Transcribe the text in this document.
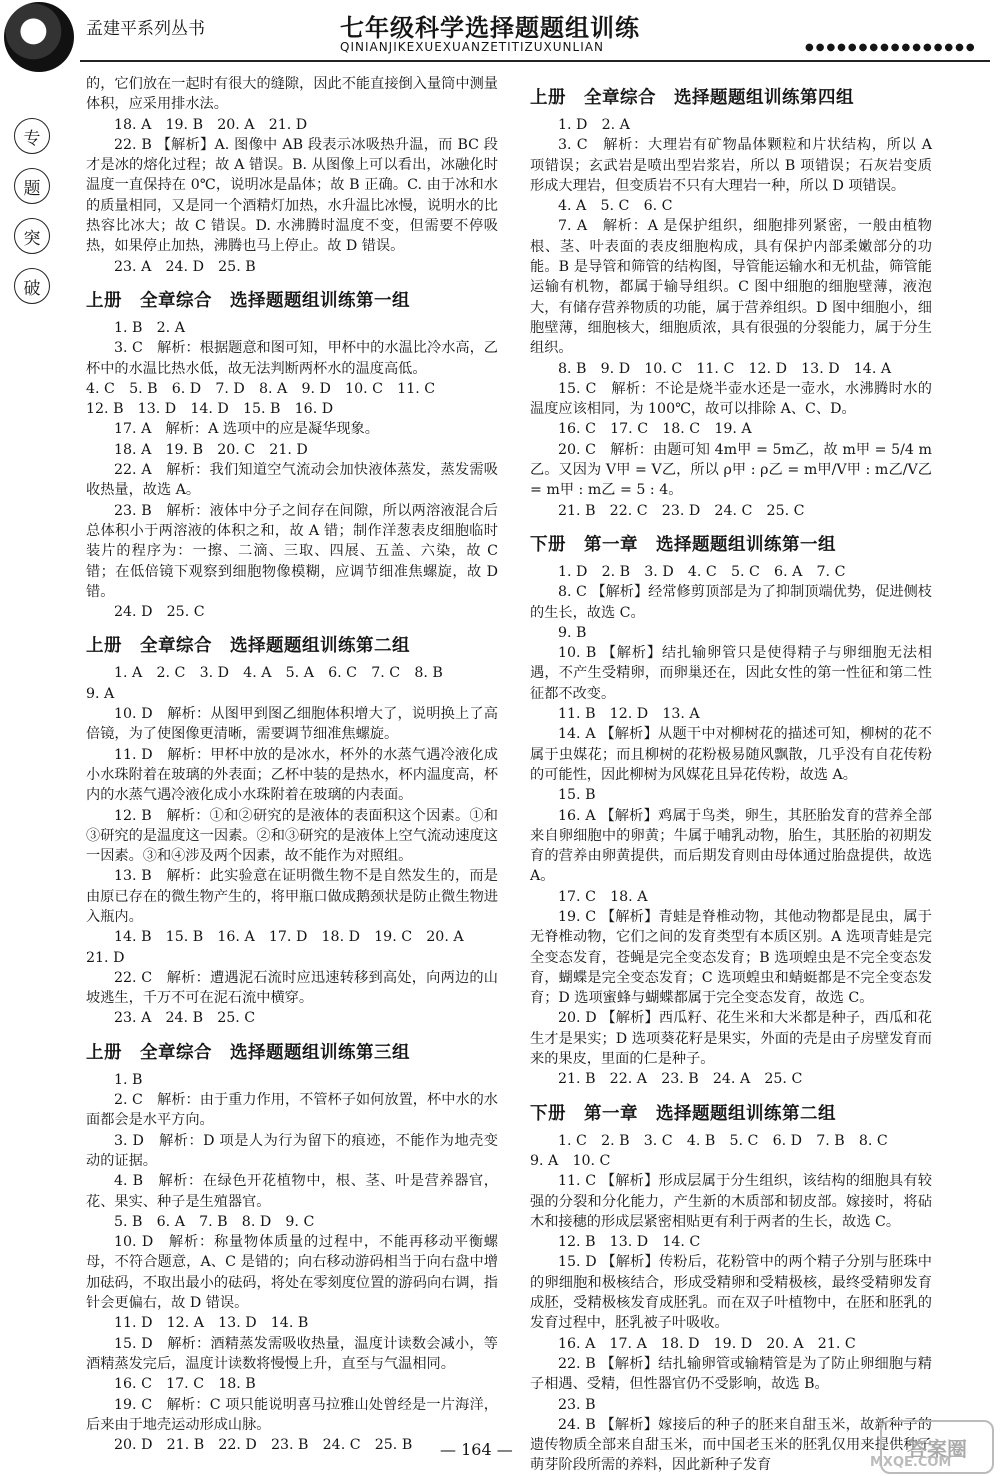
孟建平系列丛书	七年级科学选择题题组训练
QINIANJIKEXUEXUANZETITIZUXUNLIAN	●●●●●●●●●●●●●●●●
专
题
突
破

的，它们放在一起时有很大的缝隙，因此不能直接倒入量筒中测量体积，应采用排水法。

18. A　19. B　20. A　21. D

22. B 【解析】A. 图像中 AB 段表示冰吸热升温，而 BC 段才是冰的熔化过程；故 A 错误。B. 从图像上可以看出，冰融化时温度一直保持在 0℃，说明冰是晶体；故 B 正确。C. 由于冰和水的质量相同，又是同一个酒精灯加热，水升温比冰慢，说明水的比热容比冰大；故 C 错误。D. 水沸腾时温度不变，但需要不停吸热，如果停止加热，沸腾也马上停止。故 D 错误。

23. A　24. D　25. B

上册　全章综合　选择题题组训练第一组

1. B　2. A

3. C　解析：根据题意和图可知，甲杯中的水温比冷水高，乙杯中的水温比热水低，故无法判断两杯水的温度高低。

4. C　5. B　6. D　7. D　8. A　9. D　10. C　11. C

12. B　13. D　14. D　15. B　16. D

17. A　解析：A 选项中的应是凝华现象。

18. A　19. B　20. C　21. D

22. A　解析：我们知道空气流动会加快液体蒸发，蒸发需吸收热量，故选 A。

23. B　解析：液体中分子之间存在间隙，所以两溶液混合后总体积小于两溶液的体积之和，故 A 错；制作洋葱表皮细胞临时装片的程序为：一擦、二滴、三取、四展、五盖、六染，故 C 错；在低倍镜下观察到细胞物像模糊，应调节细准焦螺旋，故 D 错。

24. D　25. C

上册　全章综合　选择题题组训练第二组

1. A　2. C　3. D　4. A　5. A　6. C　7. C　8. B

9. A

10. D　解析：从图甲到图乙细胞体积增大了，说明换上了高倍镜，为了使图像更清晰，需要调节细准焦螺旋。

11. D　解析：甲杯中放的是冰水，杯外的水蒸气遇冷液化成小水珠附着在玻璃的外表面；乙杯中装的是热水，杯内温度高，杯内的水蒸气遇冷液化成小水珠附着在玻璃的内表面。

12. B　解析：①和②研究的是液体的表面积这个因素。①和③研究的是温度这一因素。②和③研究的是液体上空气流动速度这一因素。③和④涉及两个因素，故不能作为对照组。

13. B　解析：此实验意在证明微生物不是自然发生的，而是由原已存在的微生物产生的，将甲瓶口做成鹅颈状是防止微生物进入瓶内。

14. B　15. B　16. A　17. D　18. D　19. C　20. A

21. D

22. C　解析：遭遇泥石流时应迅速转移到高处，向两边的山坡逃生，千万不可在泥石流中横穿。

23. A　24. B　25. C

上册　全章综合　选择题题组训练第三组

1. B

2. C　解析：由于重力作用，不管杯子如何放置，杯中水的水面都会是水平方向。

3. D　解析：D 项是人为行为留下的痕迹，不能作为地壳变动的证据。

4. B　解析：在绿色开花植物中，根、茎、叶是营养器官，花、果实、种子是生殖器官。

5. B　6. A　7. B　8. D　9. C

10. D　解析：称量物体质量的过程中，不能再移动平衡螺母，不符合题意，A、C 是错的；向右移动游码相当于向右盘中增加砝码，不取出最小的砝码，将处在零刻度位置的游码向右调，指针会更偏右，故 D 错误。

11. D　12. A　13. D　14. B

15. D　解析：酒精蒸发需吸收热量，温度计读数会减小，等酒精蒸发完后，温度计读数将慢慢上升，直至与气温相同。

16. C　17. C　18. B

19. C　解析：C 项只能说明喜马拉雅山处曾经是一片海洋，后来由于地壳运动形成山脉。

20. D　21. B　22. D　23. B　24. C　25. B

上册　全章综合　选择题题组训练第四组

1. D　2. A

3. C　解析：大理岩有矿物晶体颗粒和片状结构，所以 A 项错误；玄武岩是喷出型岩浆岩，所以 B 项错误；石灰岩变质形成大理岩，但变质岩不只有大理岩一种，所以 D 项错误。

4. A　5. C　6. C

7. A　解析：A 是保护组织，细胞排列紧密，一般由植物根、茎、叶表面的表皮细胞构成，具有保护内部柔嫩部分的功能。B 是导管和筛管的结构图，导管能运输水和无机盐，筛管能运输有机物，都属于输导组织。C 图中细胞的细胞壁薄，液泡大，有储存营养物质的功能，属于营养组织。D 图中细胞小，细胞壁薄，细胞核大，细胞质浓，具有很强的分裂能力，属于分生组织。

8. B　9. D　10. C　11. C　12. D　13. D　14. A

15. C　解析：不论是烧半壶水还是一壶水，水沸腾时水的温度应该相同，为 100℃，故可以排除 A、C、D。

16. C　17. C　18. C　19. A

20. C　解析：由题可知 4m甲 = 5m乙，故 m甲 = 5/4 m乙。又因为 V甲 = V乙，所以 ρ甲 : ρ乙 = m甲/V甲 : m乙/V乙 = m甲 : m乙 = 5 : 4。

21. B　22. C　23. D　24. C　25. C

下册　第一章　选择题题组训练第一组

1. D　2. B　3. D　4. C　5. C　6. A　7. C

8. C 【解析】经常修剪顶部是为了抑制顶端优势，促进侧枝的生长，故选 C。

9. B

10. B 【解析】结扎输卵管只是使得精子与卵细胞无法相遇，不产生受精卵，而卵巢还在，因此女性的第一性征和第二性征都不改变。

11. B　12. D　13. A

14. A 【解析】从题干中对柳树花的描述可知，柳树的花不属于虫媒花；而且柳树的花粉极易随风飘散，几乎没有自花传粉的可能性，因此柳树为风媒花且异花传粉，故选 A。

15. B

16. A 【解析】鸡属于鸟类，卵生，其胚胎发育的营养全部来自卵细胞中的卵黄；牛属于哺乳动物，胎生，其胚胎的初期发育的营养由卵黄提供，而后期发育则由母体通过胎盘提供，故选 A。

17. C　18. A

19. C 【解析】青蛙是脊椎动物，其他动物都是昆虫，属于无脊椎动物，它们之间的发育类型有本质区别。A 选项青蛙是完全变态发育，苍蝇是完全变态发育；B 选项蝗虫是不完全变态发育，蝴蝶是完全变态发育；C 选项蝗虫和蜻蜓都是不完全变态发育；D 选项蜜蜂与蝴蝶都属于完全变态发育，故选 C。

20. D 【解析】西瓜籽、花生米和大米都是种子，西瓜和花生才是果实；D 选项葵花籽是果实，外面的壳是由子房壁发育而来的果皮，里面的仁是种子。

21. B　22. A　23. B　24. A　25. C

下册　第一章　选择题题组训练第二组

1. C　2. B　3. C　4. B　5. C　6. D　7. B　8. C

9. A　10. C

11. C 【解析】形成层属于分生组织，该结构的细胞具有较强的分裂和分化能力，产生新的木质部和韧皮部。嫁接时，将砧木和接穗的形成层紧密相贴更有利于两者的生长，故选 C。

12. B　13. D　14. C

15. D 【解析】传粉后，花粉管中的两个精子分别与胚珠中的卵细胞和极核结合，形成受精卵和受精极核，最终受精卵发育成胚，受精极核发育成胚乳。而在双子叶植物中，在胚和胚乳的发育过程中，胚乳被子叶吸收。

16. A　17. A　18. D　19. D　20. A　21. C

22. B 【解析】结扎输卵管或输精管是为了防止卵细胞与精子相遇、受精，但性器官仍不受影响，故选 B。

23. B

24. B 【解析】嫁接后的种子的胚来自甜玉米，故新种子的遗传物质全部来自甜玉米，而中国老玉米的胚乳仅用来提供种子萌芽阶段所需的养料，因此新种子发育

— 164 —	答案圈
MXQE.COM
